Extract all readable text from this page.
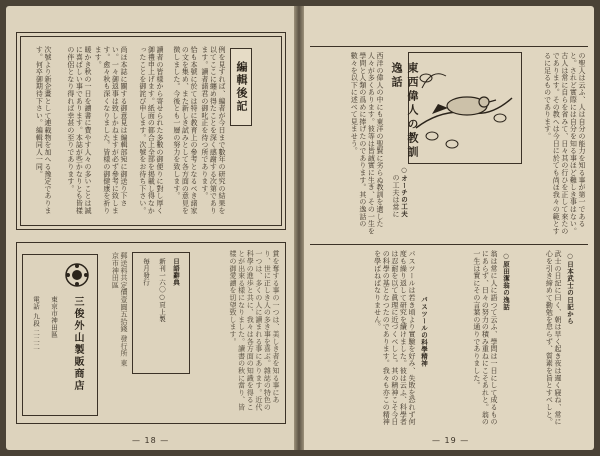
編輯後記
例を見すれば、編者が今日まで數年の研究の結果を以てここに纏め得たことを深く感謝する次第であります。讀者諸君の御叱正を待つ所であります。
恰も本號に於ては特に教育上の參考となるべき諸家の文を集め、また新しき試みとして各方面の意見を徴しました。今後とも一層の努力を致します。
讀者の皆樣から寄せられた多數の御便りに對し厚く御禮申上げます。紙面の都合上全部を掲載し得なかったことを御詫び申します。次號をお待ち下さい。
尚ほ本誌に關する御意見は編輯部宛に御送り下さい。一々御返事は致しかねますが必ず參考に致します。愈々秋も深くなりました。皆樣の御健康を祈ります。
暖かき秋の一日を讀書に費やす人々の多いことは誠に喜ばしい事であります。本誌が些かなりとも皆樣の伴侶となり得れば幸甚の至りであります。
次號より新企畫として連載物を加へる豫定であります。何卒御期待下さい。編輯同人一同。
賞を奪する事の一つは、美しき者を知る事にあり、世に正しき人の多き事を喜ぶ。雜誌の特色の一つは、多くの人に讀まれる事にあります。近代科學の進歩と共に、我々は各方面の知識を得ることが出來る樣になりました。讀書の秋に當り、皆樣の御愛讀を切望致します。
日語辭典
新刊一六〇○頁上製
毎月發行
郵送料共定價壹圓五拾錢 發行所 東京市神田區
三俊外山製販商店
東京市神田區
電話 九段 二二二
— 18 —
東西偉人の教訓逸話	の聖人は云ふ、人は自分の能力を知る事が第一であると。されど實際には自分を知る事ほど難しき事はない。古人は常に自らを省みて、日々其の行ひを正して來たのであります。その教へは今日に於ても尚ほ我々の範とするに足るものであります。
西洋の偉人の中にも東洋の聖賢に劣らぬ教訓を遺した人々が多くあります。彼等は皆誠實に生き、その一生を學問と人類の爲めに捧げたのであります。其の逸話の數々を以下に述べて見ませう。
○オーチの工夫
の工夫は常に
○日本武士の日記から
武士の日記に曰く、朝は早く起き夜は遲く寢ね、常に心を引き締めて勤勉を怠らず、質素を旨とすべしと。
○原田潔翁の逸話
翁は常に人に語つて云ふ、學問は一日にして成るものにあらず、日々の努力の積み重ねにこそあれと。翁の一生は實にその言葉の通りでありました。
パスツールの科學精神
パスツールは若き頃より實驗を好み、失敗を恐れず何度も繰り返して研究を續けました。彼は云ふ、科學者は忍耐を以て眞理に近づくべしと。其の精神こそ今日の科學の基となつたのであります。我々も亦この精神を學ばねばなりません。
— 19 —
